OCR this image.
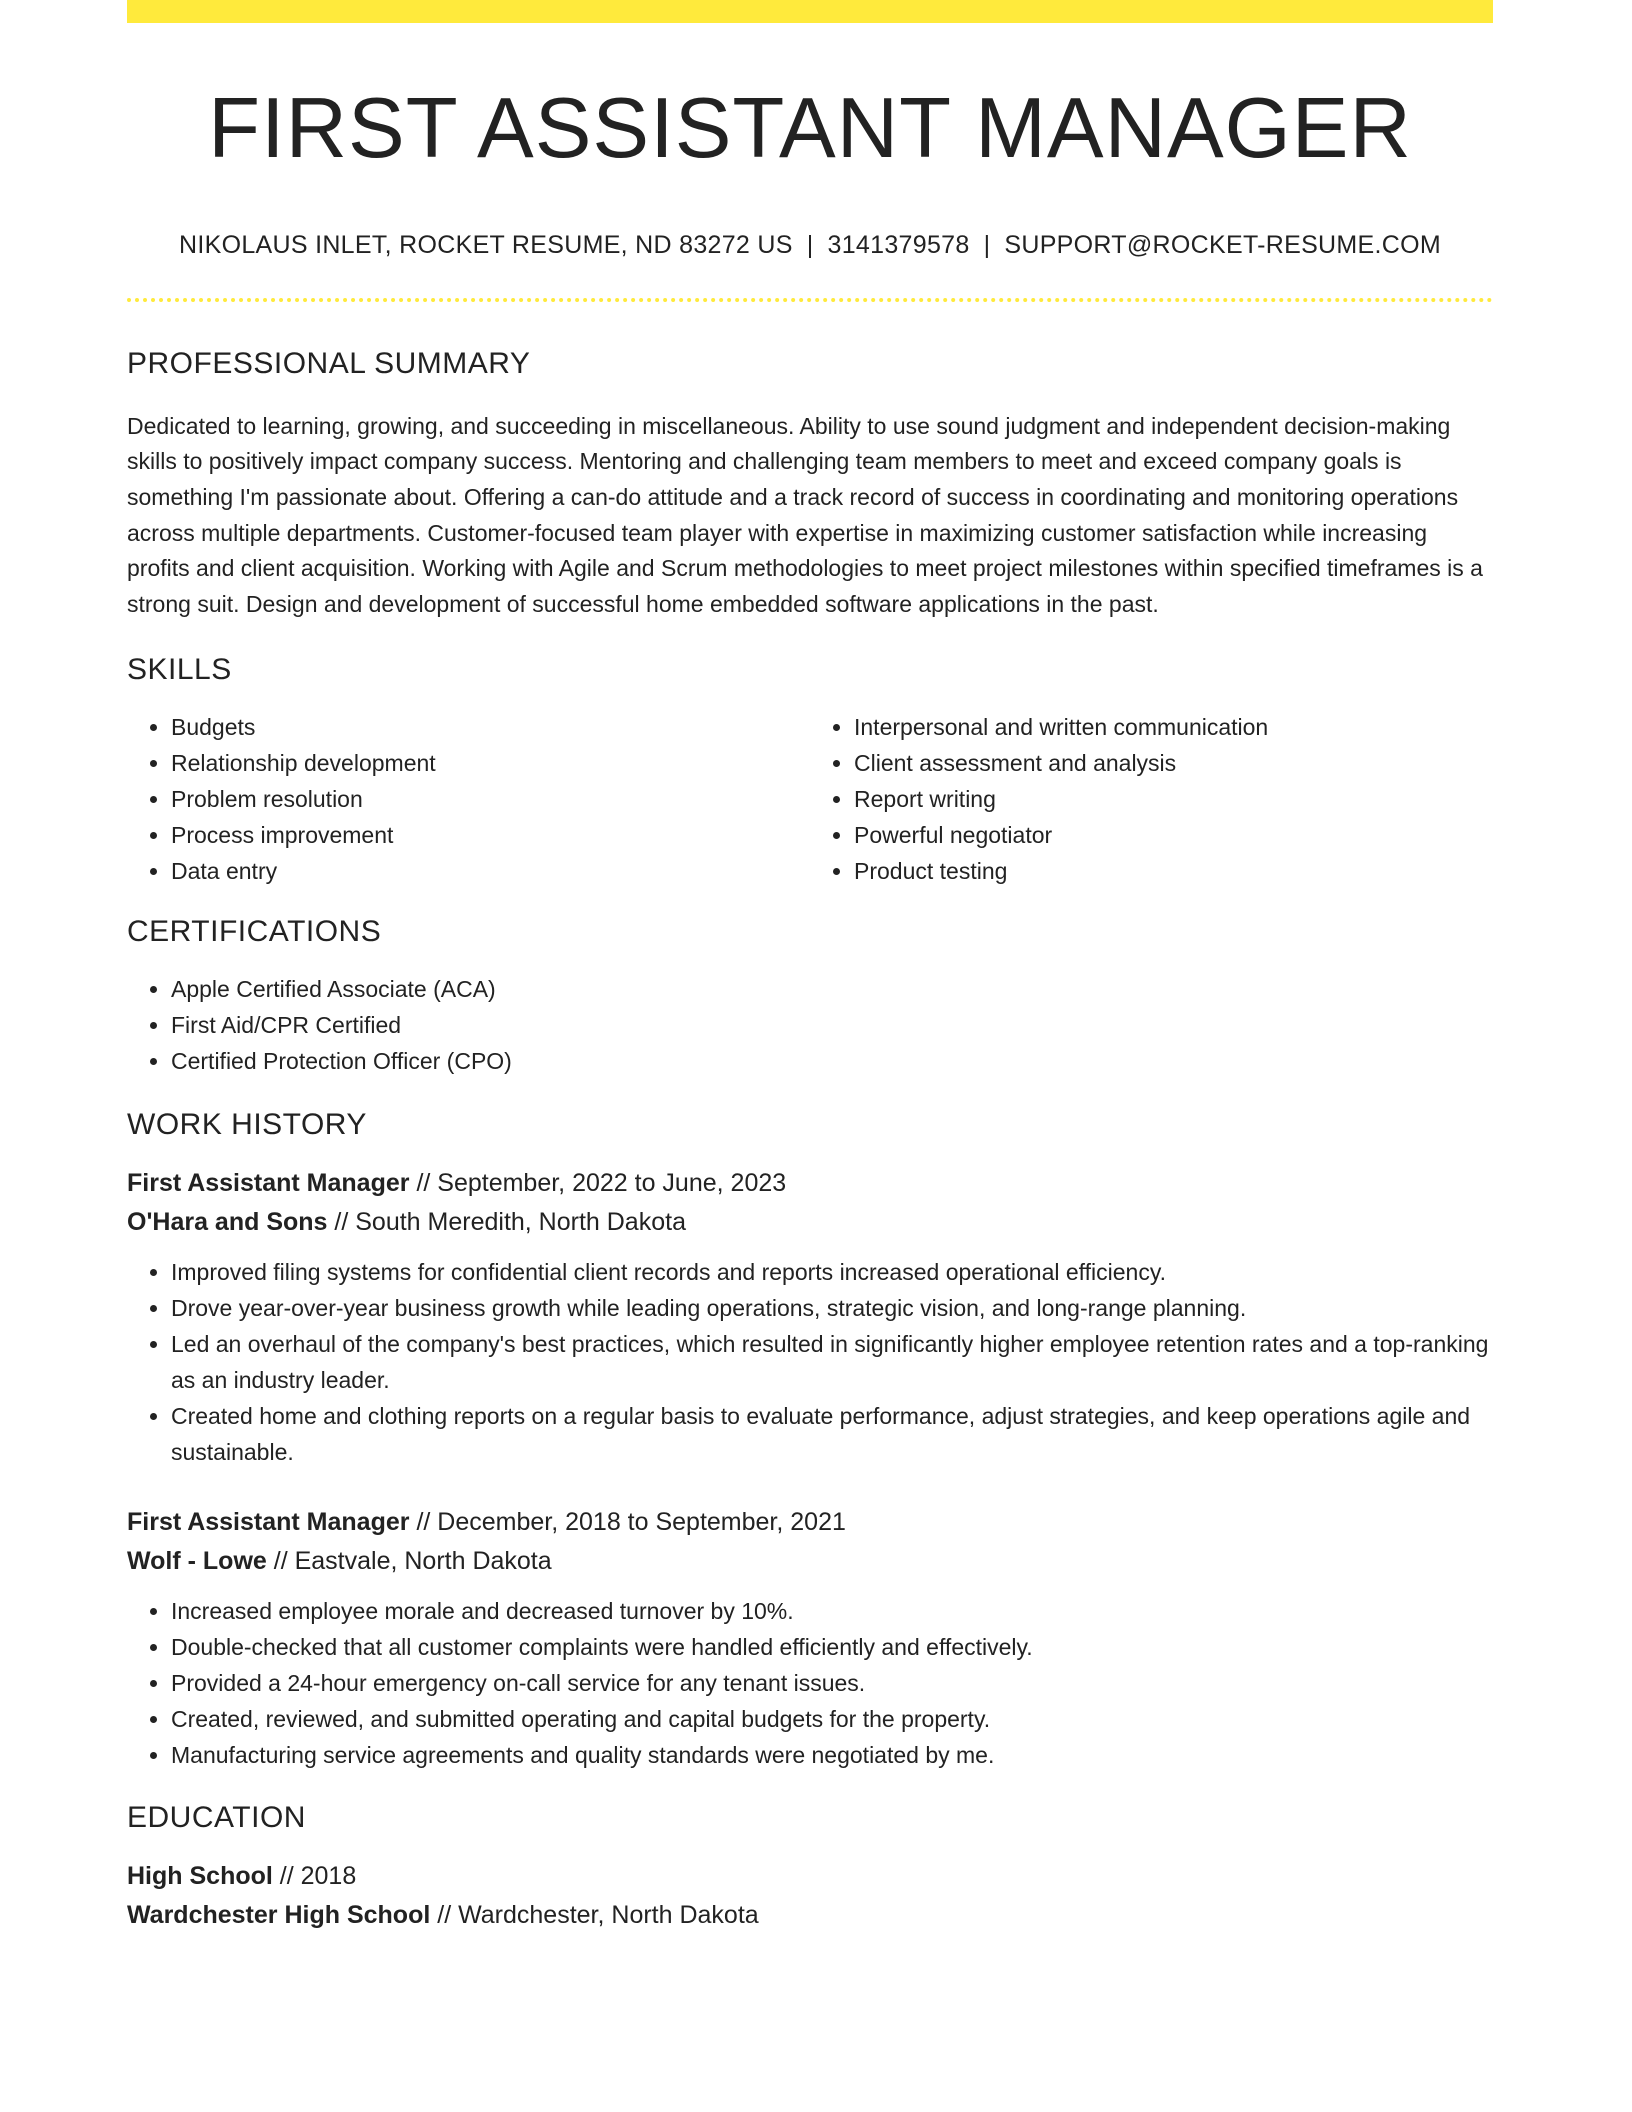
FIRST ASSISTANT MANAGER
NIKOLAUS INLET, ROCKET RESUME, ND 83272 US | 3141379578 | SUPPORT@ROCKET-RESUME.COM
PROFESSIONAL SUMMARY

Dedicated to learning, growing, and succeeding in miscellaneous. Ability to use sound judgment and independent decision-making skills to positively impact company success. Mentoring and challenging team members to meet and exceed company goals is something I'm passionate about. Offering a can-do attitude and a track record of success in coordinating and monitoring operations across multiple departments. Customer-focused team player with expertise in maximizing customer satisfaction while increasing profits and client acquisition. Working with Agile and Scrum methodologies to meet project milestones within specified timeframes is a strong suit. Design and development of successful home embedded software applications in the past.

SKILLS
• Budgets
• Relationship development
• Problem resolution
• Process improvement
• Data entry
• Interpersonal and written communication
• Client assessment and analysis
• Report writing
• Powerful negotiator
• Product testing
CERTIFICATIONS
• Apple Certified Associate (ACA)
• First Aid/CPR Certified
• Certified Protection Officer (CPO)
WORK HISTORY
First Assistant Manager // September, 2022 to June, 2023
O'Hara and Sons // South Meredith, North Dakota
• Improved filing systems for confidential client records and reports increased operational efficiency.
• Drove year-over-year business growth while leading operations, strategic vision, and long-range planning.
• Led an overhaul of the company's best practices, which resulted in significantly higher employee retention rates and a top-ranking as an industry leader.
• Created home and clothing reports on a regular basis to evaluate performance, adjust strategies, and keep operations agile and sustainable.
First Assistant Manager // December, 2018 to September, 2021
Wolf - Lowe // Eastvale, North Dakota
• Increased employee morale and decreased turnover by 10%.
• Double-checked that all customer complaints were handled efficiently and effectively.
• Provided a 24-hour emergency on-call service for any tenant issues.
• Created, reviewed, and submitted operating and capital budgets for the property.
• Manufacturing service agreements and quality standards were negotiated by me.
EDUCATION
High School // 2018
Wardchester High School // Wardchester, North Dakota
